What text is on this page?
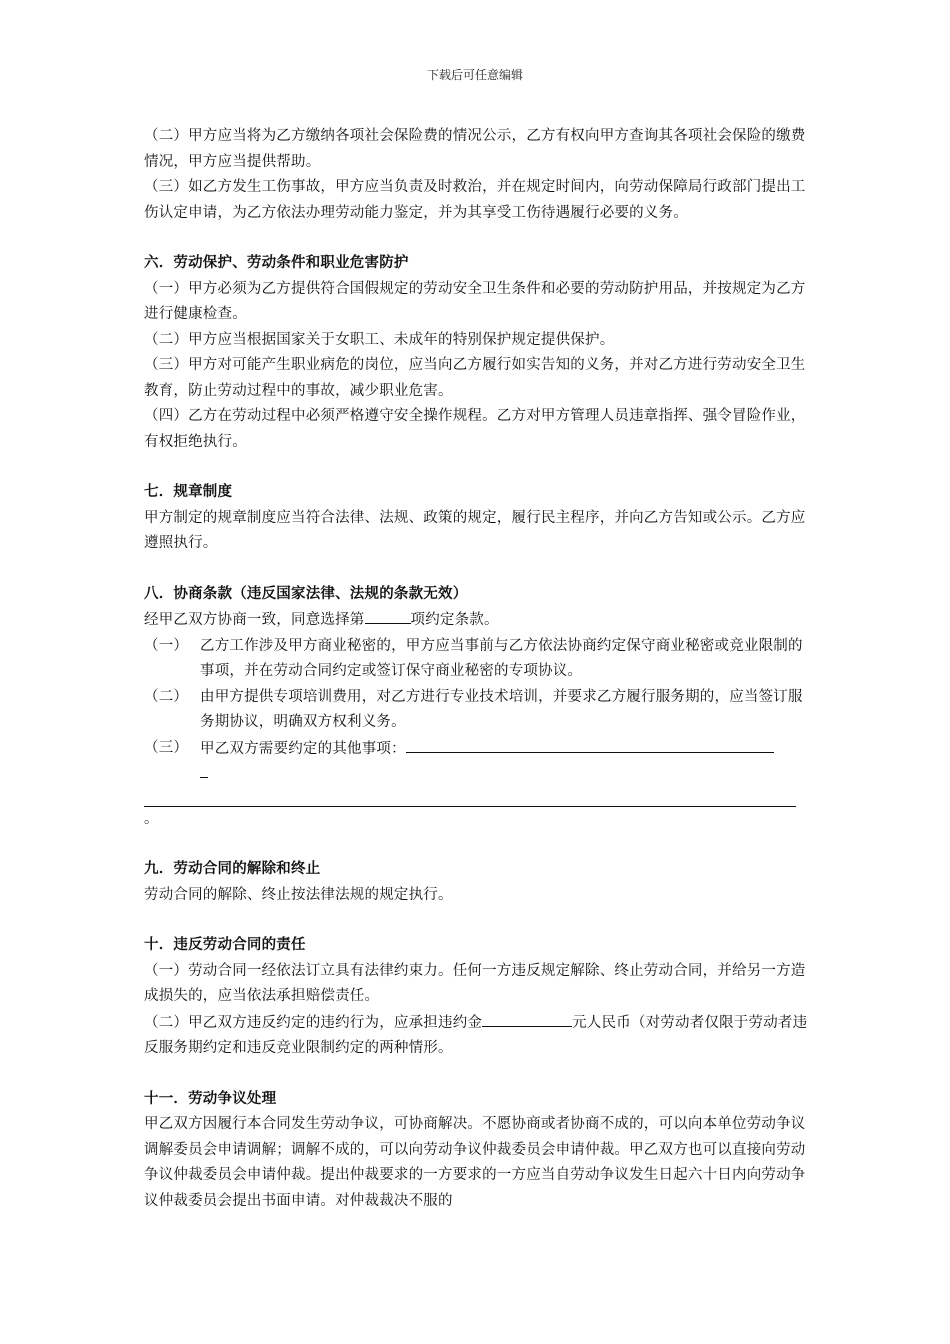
下载后可任意编辑

（二）甲方应当将为乙方缴纳各项社会保险费的情况公示，乙方有权向甲方查询其各项社会保险的缴费情况，甲方应当提供帮助。

（三）如乙方发生工伤事故，甲方应当负责及时救治，并在规定时间内，向劳动保障局行政部门提出工伤认定申请，为乙方依法办理劳动能力鉴定，并为其享受工伤待遇履行必要的义务。

六．劳动保护、劳动条件和职业危害防护

（一）甲方必须为乙方提供符合国假规定的劳动安全卫生条件和必要的劳动防护用品，并按规定为乙方进行健康检查。

（二）甲方应当根据国家关于女职工、未成年的特别保护规定提供保护。

（三）甲方对可能产生职业病危的岗位，应当向乙方履行如实告知的义务，并对乙方进行劳动安全卫生教育，防止劳动过程中的事故，减少职业危害。

（四）乙方在劳动过程中必须严格遵守安全操作规程。乙方对甲方管理人员违章指挥、强令冒险作业，有权拒绝执行。

七．规章制度

甲方制定的规章制度应当符合法律、法规、政策的规定，履行民主程序，并向乙方告知或公示。乙方应遵照执行。

八．协商条款（违反国家法律、法规的条款无效）

经甲乙双方协商一致，同意选择第	项约定条款。

（一） 乙方工作涉及甲方商业秘密的，甲方应当事前与乙方依法协商约定保守商业秘密或竞业限制的事项，并在劳动合同约定或签订保守商业秘密的专项协议。
（二） 由甲方提供专项培训费用，对乙方进行专业技术培训，并要求乙方履行服务期的，应当签订服务期协议，明确双方权利义务。
（三） 甲乙双方需要约定的其他事项：

。

九．劳动合同的解除和终止

劳动合同的解除、终止按法律法规的规定执行。

十．违反劳动合同的责任

（一）劳动合同一经依法订立具有法律约束力。任何一方违反规定解除、终止劳动合同，并给另一方造成损失的，应当依法承担赔偿责任。

（二）甲乙双方违反约定的违约行为，应承担违约金	元人民币（对劳动者仅限于劳动者违反服务期约定和违反竞业限制约定的两种情形。

十一．劳动争议处理

甲乙双方因履行本合同发生劳动争议，可协商解决。不愿协商或者协商不成的，可以向本单位劳动争议调解委员会申请调解；调解不成的，可以向劳动争议仲裁委员会申请仲裁。甲乙双方也可以直接向劳动争议仲裁委员会申请仲裁。提出仲裁要求的一方要求的一方应当自劳动争议发生日起六十日内向劳动争议仲裁委员会提出书面申请。对仲裁裁决不服的
